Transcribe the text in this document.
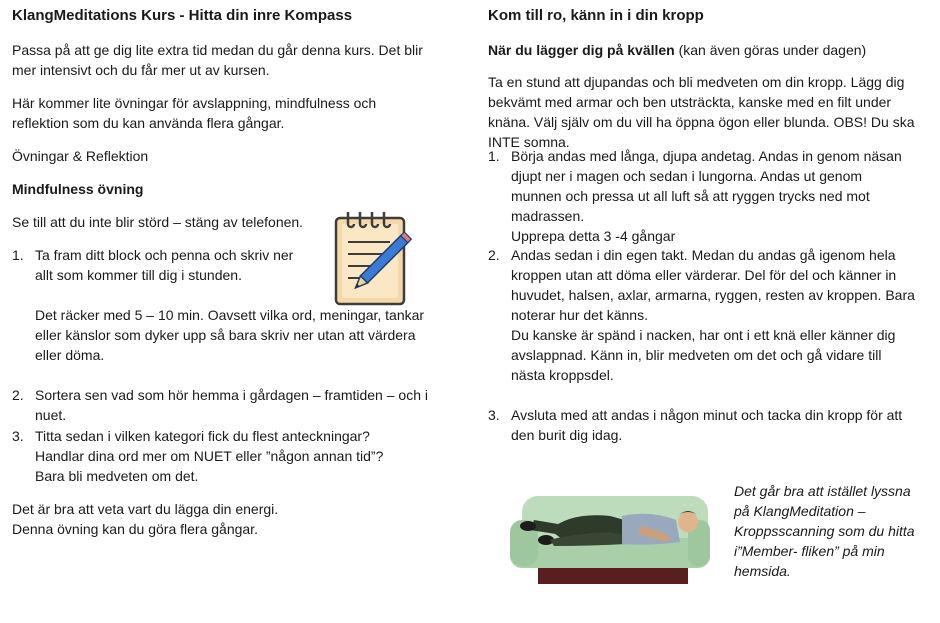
KlangMeditations Kurs - Hitta din inre Kompass

Passa på att ge dig lite extra tid medan du går denna kurs. Det blir mer intensivt och du får mer ut av kursen.

Här kommer lite övningar för avslappning, mindfulness och reflektion som du kan använda flera gångar.

Övningar & Reflektion

Mindfulness övning

Se till att du inte blir störd – stäng av telefonen.

1. Ta fram ditt block och penna och skriv ner allt som kommer till dig i stunden.
Det räcker med 5 – 10 min. Oavsett vilka ord, meningar, tankar eller känslor som dyker upp så bara skriv ner utan att värdera eller döma.
2. Sortera sen vad som hör hemma i gårdagen – framtiden – och i nuet.
3. Titta sedan i vilken kategori fick du flest anteckningar?
Handlar dina ord mer om NUET eller ”någon annan tid”?
Bara bli medveten om det.

Det är bra att veta vart du lägga din energi.

Denna övning kan du göra flera gångar.

Kom till ro, känn in i din kropp

När du lägger dig på kvällen (kan även göras under dagen)

Ta en stund att djupandas och bli medveten om din kropp. Lägg dig bekvämt med armar och ben utsträckta, kanske med en filt under knäna. Välj själv om du vill ha öppna ögon eller blunda. OBS! Du ska INTE somna.

1. Börja andas med långa, djupa andetag. Andas in genom näsan djupt ner i magen och sedan i lungorna. Andas ut genom munnen och pressa ut all luft så att ryggen trycks ned mot madrassen.
Upprepa detta 3 -4 gångar
2. Andas sedan i din egen takt. Medan du andas gå igenom hela kroppen utan att döma eller värderar. Del för del och känner in huvudet, halsen, axlar, armarna, ryggen, resten av kroppen. Bara noterar hur det känns.
Du kanske är spänd i nacken, har ont i ett knä eller känner dig avslappnad. Känn in, blir medveten om det och gå vidare till nästa kroppsdel.
3. Avsluta med att andas i någon minut och tacka din kropp för att den burit dig idag.

Det går bra att istället lyssna på KlangMeditation – Kroppsscanning som du hitta i”Member- fliken” på min hemsida.
